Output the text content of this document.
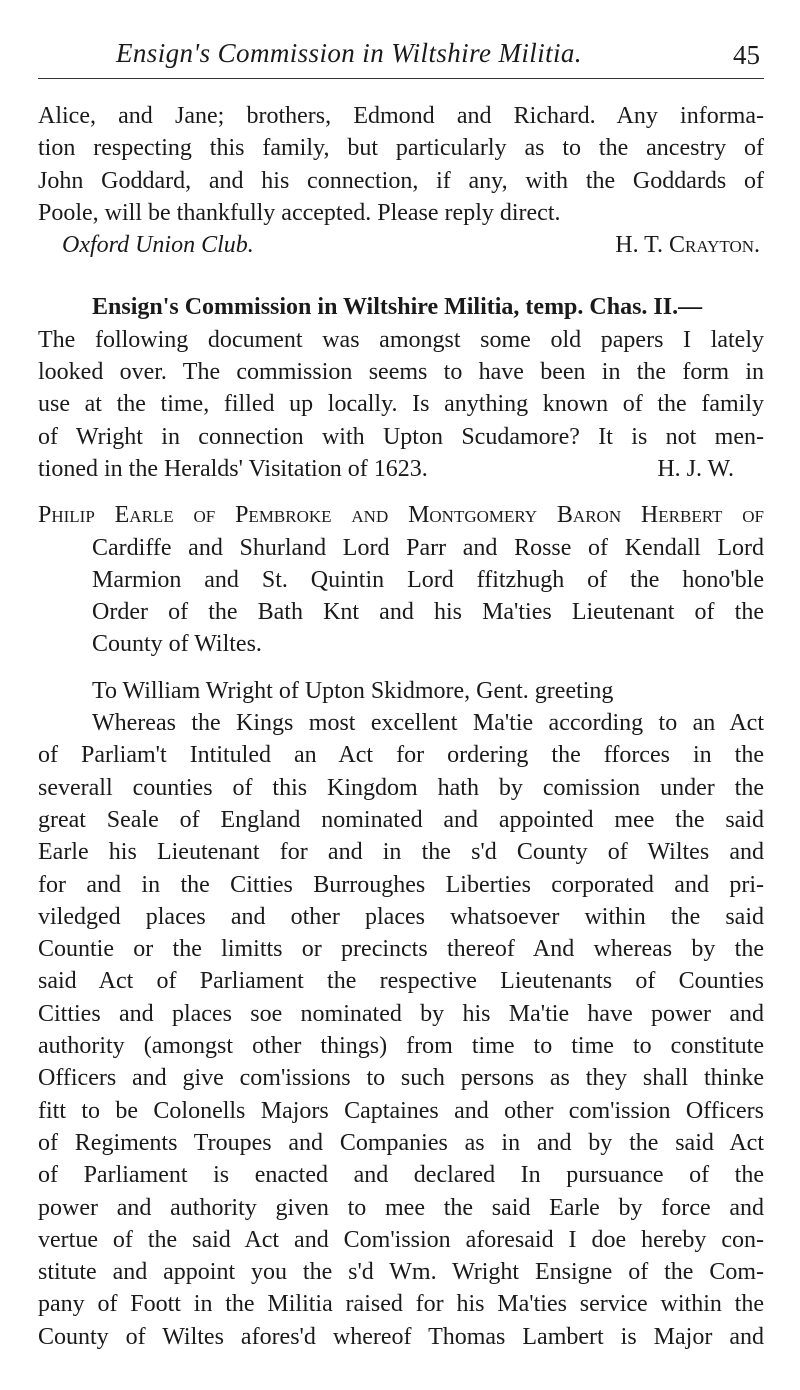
Ensign's Commission in Wiltshire Militia.	45
Alice, and Jane; brothers, Edmond and Richard. Any informa-
tion respecting this family, but particularly as to the ancestry of
John Goddard, and his connection, if any, with the Goddards of
Poole, will be thankfully accepted. Please reply direct.
Oxford Union Club.	H. T. Crayton.
Ensign's Commission in Wiltshire Militia, temp. Chas. II.—
The following document was amongst some old papers I lately
looked over. The commission seems to have been in the form in
use at the time, filled up locally. Is anything known of the family
of Wright in connection with Upton Scudamore? It is not men-
tioned in the Heralds' Visitation of 1623.	H. J. W.
Philip Earle of Pembroke and Montgomery Baron Herbert of
Cardiffe and Shurland Lord Parr and Rosse of Kendall Lord
Marmion and St. Quintin Lord ffitzhugh of the hono'ble
Order of the Bath Knt and his Ma'ties Lieutenant of the
County of Wiltes.
To William Wright of Upton Skidmore, Gent. greeting
Whereas the Kings most excellent Ma'tie according to an Act
of Parliam't Intituled an Act for ordering the fforces in the
severall counties of this Kingdom hath by comission under the
great Seale of England nominated and appointed mee the said
Earle his Lieutenant for and in the s'd County of Wiltes and
for and in the Citties Burroughes Liberties corporated and pri-
viledged places and other places whatsoever within the said
Countie or the limitts or precincts thereof And whereas by the
said Act of Parliament the respective Lieutenants of Counties
Citties and places soe nominated by his Ma'tie have power and
authority (amongst other things) from time to time to constitute
Officers and give com'issions to such persons as they shall thinke
fitt to be Colonells Majors Captaines and other com'ission Officers
of Regiments Troupes and Companies as in and by the said Act
of Parliament is enacted and declared In pursuance of the
power and authority given to mee the said Earle by force and
vertue of the said Act and Com'ission aforesaid I doe hereby con-
stitute and appoint you the s'd Wm. Wright Ensigne of the Com-
pany of Foott in the Militia raised for his Ma'ties service within the
County of Wiltes afores'd whereof Thomas Lambert is Major and
